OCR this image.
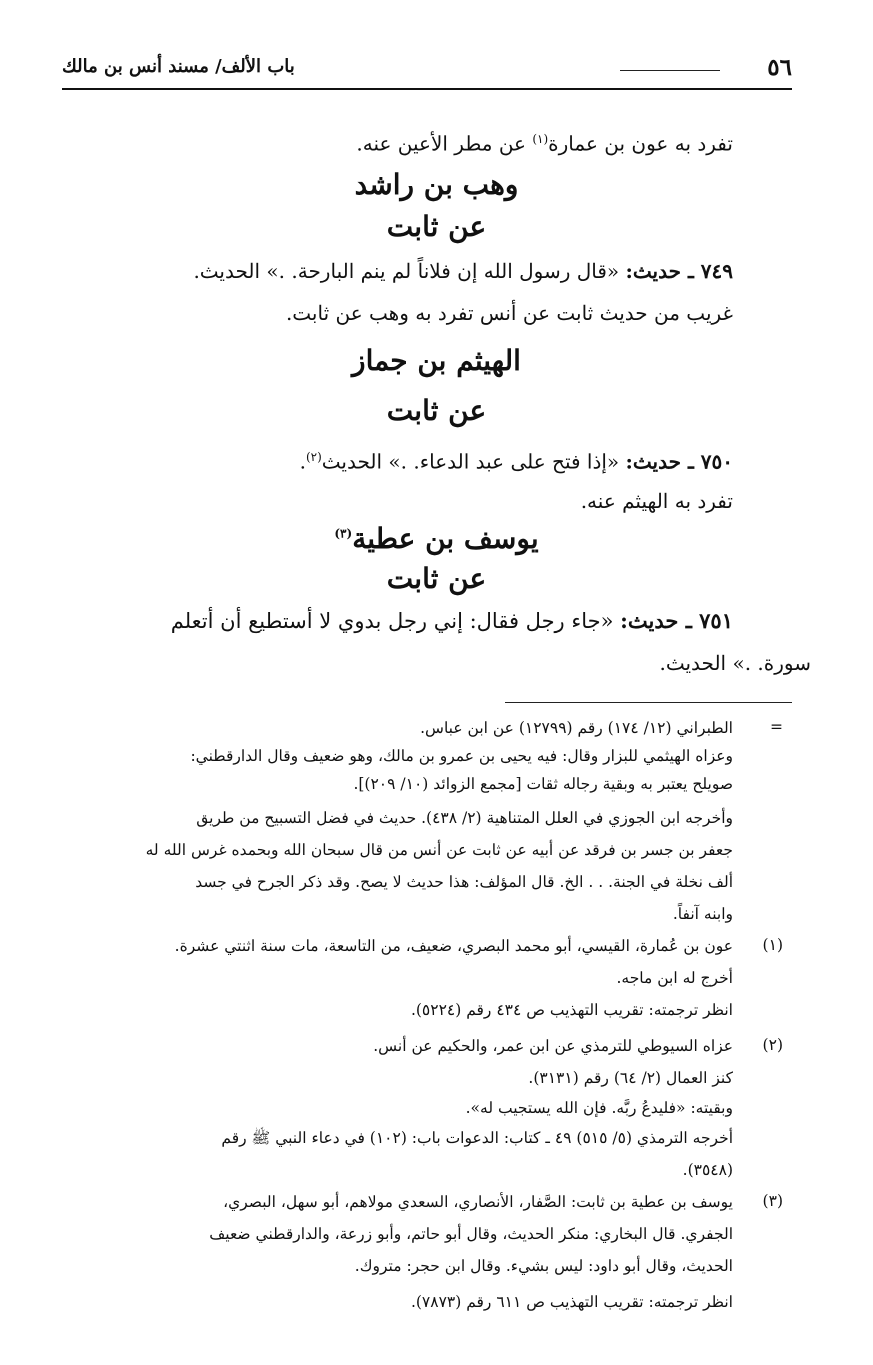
٥٦
باب الألف/ مسند أنس بن مالك
تفرد به عون بن عمارة$^{(١)}$ عن مطر الأعين عنه.
وهب بن راشد
عن ثابت
٧٤٩ ـ حديث: «قال رسول الله إن فلاناً لم ينم البارحة. .» الحديث.
غريب من حديث ثابت عن أنس تفرد به وهب عن ثابت.
الهيثم بن جماز
عن ثابت
٧٥٠ ـ حديث: «إذا فتح على عبد الدعاء. .» الحديث$^{(٢)}$.
تفرد به الهيثم عنه.
يوسف بن عطية$^{(٣)}$
عن ثابت
٧٥١ ـ حديث: «جاء رجل فقال: إني رجل بدوي لا أستطيع أن أتعلم
سورة. .» الحديث.
=
الطبراني (١٢/ ١٧٤) رقم (١٢٧٩٩) عن ابن عباس.
وعزاه الهيثمي للبزار وقال: فيه يحيى بن عمرو بن مالك، وهو ضعيف وقال الدارقطني:
صويلح يعتبر به وبقية رجاله ثقات [مجمع الزوائد (١٠/ ٢٠٩)].
وأخرجه ابن الجوزي في العلل المتناهية (٢/ ٤٣٨). حديث في فضل التسبيح من طريق
جعفر بن جسر بن فرقد عن أبيه عن ثابت عن أنس من قال سبحان الله وبحمده غرس الله له
ألف نخلة في الجنة. . . الخ. قال المؤلف: هذا حديث لا يصح. وقد ذكر الجرح في جسد
وابنه آنفاً.
(١)
عون بن عُمارة، القيسي، أبو محمد البصري، ضعيف، من التاسعة، مات سنة اثنتي عشرة.
أخرج له ابن ماجه.
انظر ترجمته: تقريب التهذيب ص ٤٣٤ رقم (٥٢٢٤).
(٢)
عزاه السيوطي للترمذي عن ابن عمر، والحكيم عن أنس.
كنز العمال (٢/ ٦٤) رقم (٣١٣١).
وبقيته: «فليدعُ ربَّه. فإن الله يستجيب له».
أخرجه الترمذي (٥/ ٥١٥) ٤٩ ـ كتاب: الدعوات باب: (١٠٢) في دعاء النبي ﷺ رقم
(٣٥٤٨).
(٣)
يوسف بن عطية بن ثابت: الصَّفار، الأنصاري، السعدي مولاهم، أبو سهل، البصري،
الجفري. قال البخاري: منكر الحديث، وقال أبو حاتم، وأبو زرعة، والدارقطني ضعيف
الحديث، وقال أبو داود: ليس بشيء. وقال ابن حجر: متروك.
انظر ترجمته: تقريب التهذيب ص ٦١١ رقم (٧٨٧٣).
